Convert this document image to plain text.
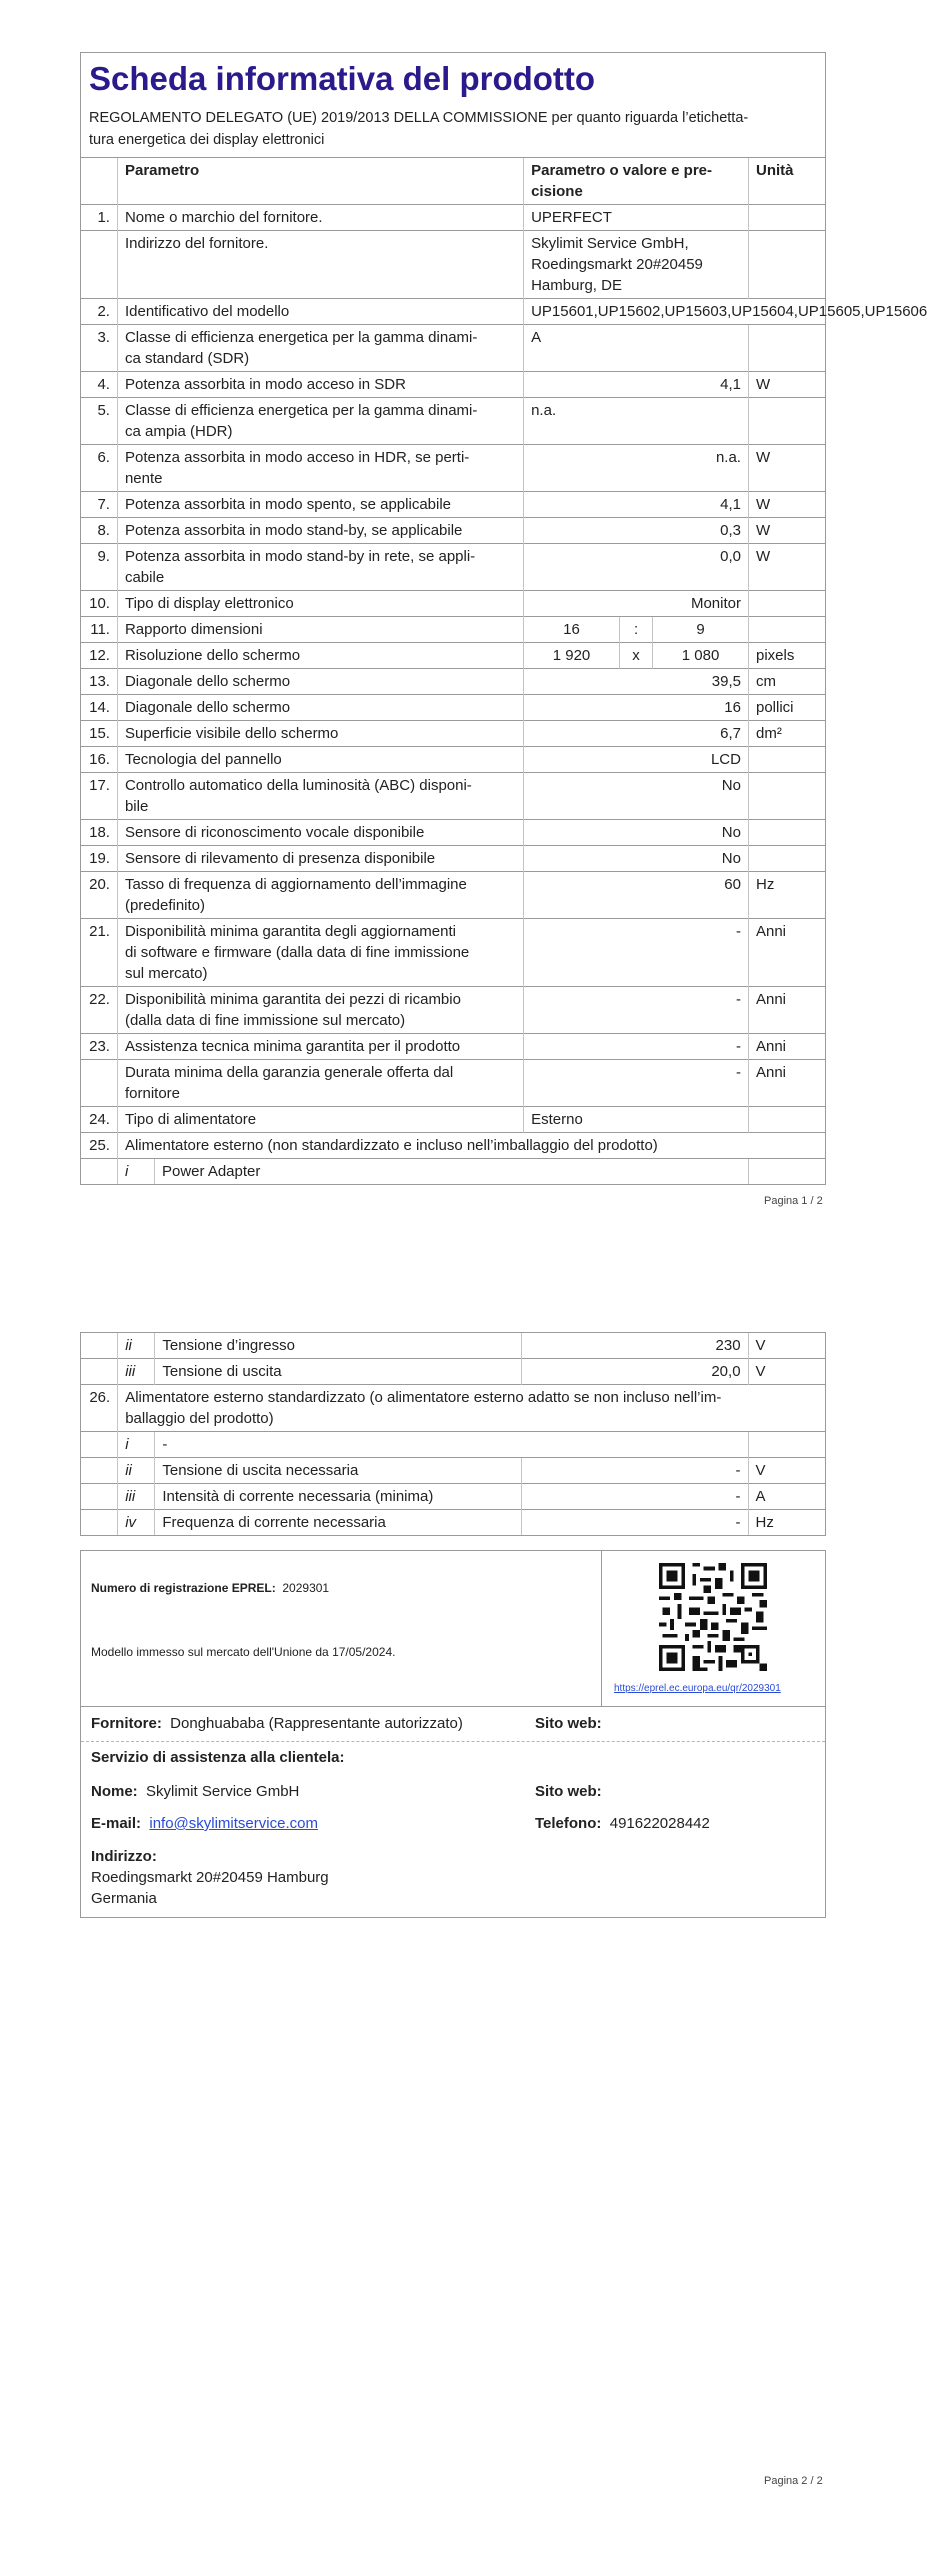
Scheda informativa del prodotto
REGOLAMENTO DELEGATO (UE) 2019/2013 DELLA COMMISSIONE per quanto riguarda l’etichetta-
tura energetica dei display elettronici
	Parametro	Parametro o valore e pre-
cisione
	Unità
1.	Nome o marchio del fornitore.	UPERFECT	
	Indirizzo del fornitore.	Skylimit Service GmbH,
Roedingsmarkt 20#20459
Hamburg, DE

2.	Identificativo del modello	UP15601,UP15602,UP15603,UP15604,UP15605,UP15606
3.	Classe di efficienza energetica per la gamma dinami-
ca standard (SDR)
	A	
4.	Potenza assorbita in modo acceso in SDR	4,1	W
5.	Classe di efficienza energetica per la gamma dinami-
ca ampia (HDR)
	n.a.	
6.	Potenza assorbita in modo acceso in HDR, se perti-
nente
	n.a.	W
7.	Potenza assorbita in modo spento, se applicabile	4,1	W
8.	Potenza assorbita in modo stand-by, se applicabile	0,3	W
9.	Potenza assorbita in modo stand-by in rete, se appli-
cabile
	0,0	W
10.	Tipo di display elettronico	Monitor	
11.	Rapporto dimensioni	16	:	9	
12.	Risoluzione dello schermo	1 920	x	1 080	pixels
13.	Diagonale dello schermo	39,5	cm
14.	Diagonale dello schermo	16	pollici
15.	Superficie visibile dello schermo	6,7	dm²
16.	Tecnologia del pannello	LCD	
17.	Controllo automatico della luminosità (ABC) disponi-
bile
	No	
18.	Sensore di riconoscimento vocale disponibile	No	
19.	Sensore di rilevamento di presenza disponibile	No	
20.	Tasso di frequenza di aggiornamento dell’immagine
(predefinito)
	60	Hz
21.	Disponibilità minima garantita degli aggiornamenti
di software e firmware (dalla data di fine immissione
sul mercato)
	-	Anni
22.	Disponibilità minima garantita dei pezzi di ricambio
(dalla data di fine immissione sul mercato)
	-	Anni
23.	Assistenza tecnica minima garantita per il prodotto	-	Anni

Durata minima della garanzia generale offerta dal
fornitore
	-	Anni
24.	Tipo di alimentatore	Esterno	
25.	Alimentatore esterno (non standardizzato e incluso nell’imballaggio del prodotto)

i	Power Adapter

Pagina 1 / 2
	ii	Tensione d’ingresso	230	V
	iii	Tensione di uscita	20,0	V
26.	Alimentatore esterno standardizzato (o alimentatore esterno adatto se non incluso nell’im-
ballaggio del prodotto)			

	i	-		
	ii	Tensione di uscita necessaria	-	V
	iii	Intensità di corrente necessaria (minima)	-	A
	iv	Frequenza di corrente necessaria	-	Hz
Numero di registrazione EPREL: 2029301
Modello immesso sul mercato dell'Unione da 17/05/2024.
https://eprel.ec.europa.eu/qr/2029301
Fornitore: Donghuababa (Rappresentante autorizzato)	Sito web:
Servizio di assistenza alla clientela:
Nome: Skylimit Service GmbH	Sito web:
E-mail: info@skylimitservice.com	Telefono: 491622028442
Indirizzo:
Roedingsmarkt 20#20459 Hamburg
Germania
Pagina 2 / 2
